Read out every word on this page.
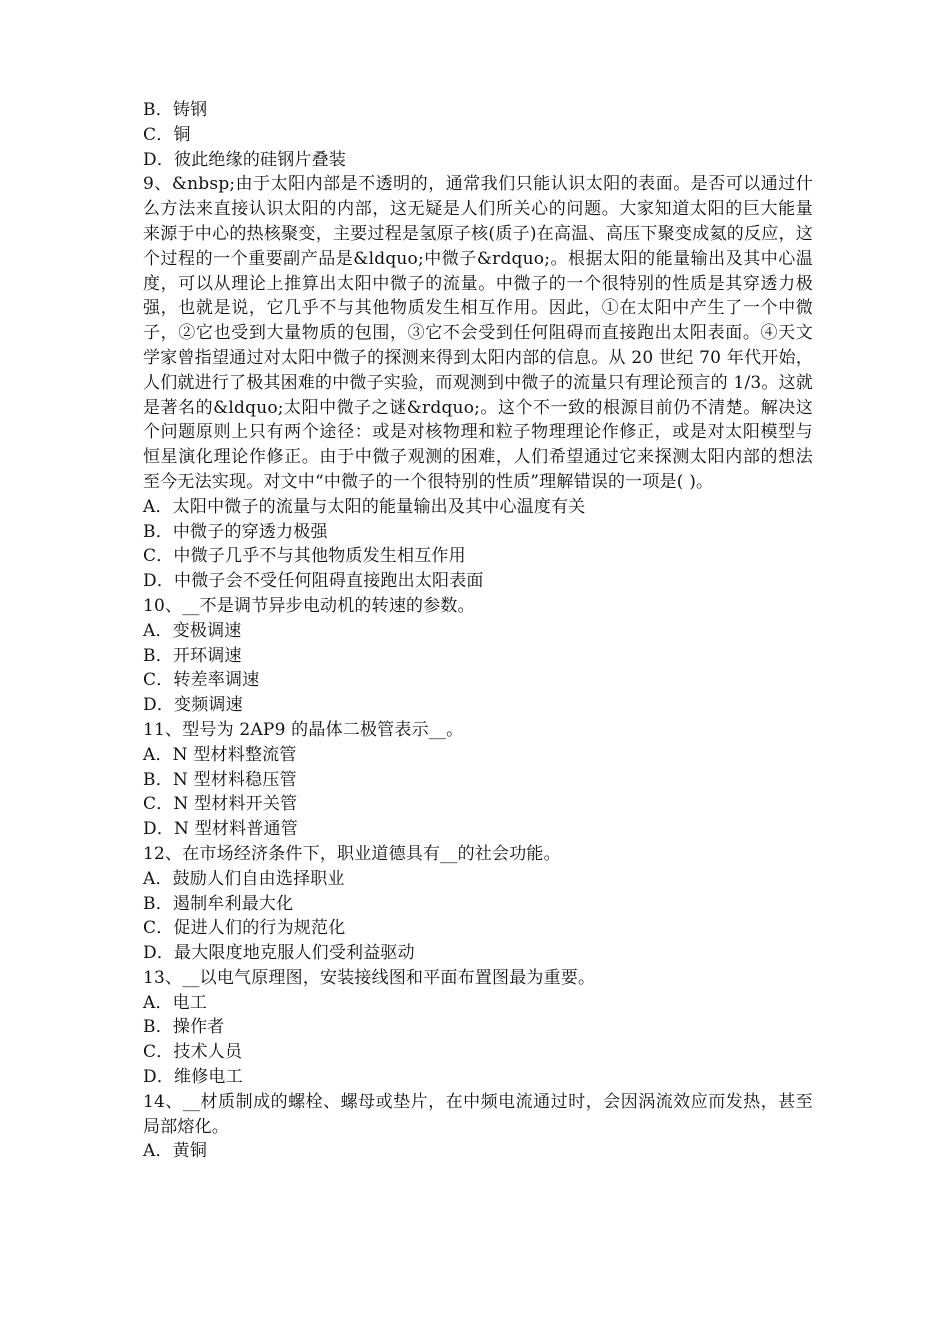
B．铸钢

C．铜

D．彼此绝缘的硅钢片叠装

9、&nbsp;由于太阳内部是不透明的，通常我们只能认识太阳的表面。是否可以通过什么方法来直接认识太阳的内部，这无疑是人们所关心的问题。大家知道太阳的巨大能量来源于中心的热核聚变，主要过程是氢原子核(质子)在高温、高压下聚变成氦的反应，这个过程的一个重要副产品是&ldquo;中微子&rdquo;。根据太阳的能量输出及其中心温度，可以从理论上推算出太阳中微子的流量。中微子的一个很特别的性质是其穿透力极强，也就是说，它几乎不与其他物质发生相互作用。因此，①在太阳中产生了一个中微子，②它也受到大量物质的包围，③它不会受到任何阻碍而直接跑出太阳表面。④天文学家曾指望通过对太阳中微子的探测来得到太阳内部的信息。从 20 世纪 70 年代开始，人们就进行了极其困难的中微子实验，而观测到中微子的流量只有理论预言的 1/3。这就是著名的&ldquo;太阳中微子之谜&rdquo;。这个不一致的根源目前仍不清楚。解决这个问题原则上只有两个途径：或是对核物理和粒子物理理论作修正，或是对太阳模型与恒星演化理论作修正。由于中微子观测的困难，人们希望通过它来探测太阳内部的想法至今无法实现。对文中“中微子的一个很特别的性质”理解错误的一项是( )。

A．太阳中微子的流量与太阳的能量输出及其中心温度有关

B．中微子的穿透力极强

C．中微子几乎不与其他物质发生相互作用

D．中微子会不受任何阻碍直接跑出太阳表面

10、__不是调节异步电动机的转速的参数。

A．变极调速

B．开环调速

C．转差率调速

D．变频调速

11、型号为 2AP9 的晶体二极管表示__。

A．N 型材料整流管

B．N 型材料稳压管

C．N 型材料开关管

D．N 型材料普通管

12、在市场经济条件下，职业道德具有__的社会功能。

A．鼓励人们自由选择职业

B．遏制牟利最大化

C．促进人们的行为规范化

D．最大限度地克服人们受利益驱动

13、__以电气原理图，安装接线图和平面布置图最为重要。

A．电工

B．操作者

C．技术人员

D．维修电工

14、__材质制成的螺栓、螺母或垫片，在中频电流通过时，会因涡流效应而发热，甚至局部熔化。

A．黄铜
